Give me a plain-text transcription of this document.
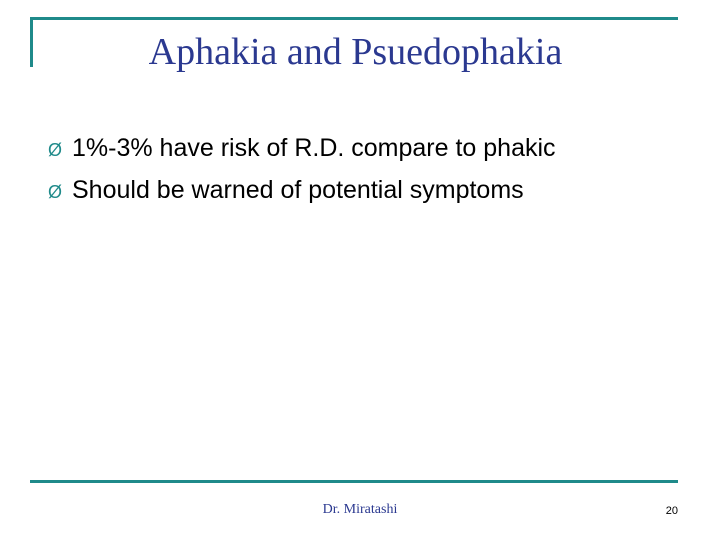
Aphakia and Psuedophakia
Ø 1%-3% have risk of R.D. compare to phakic
Ø Should be warned of potential symptoms
Dr. Miratashi	20
